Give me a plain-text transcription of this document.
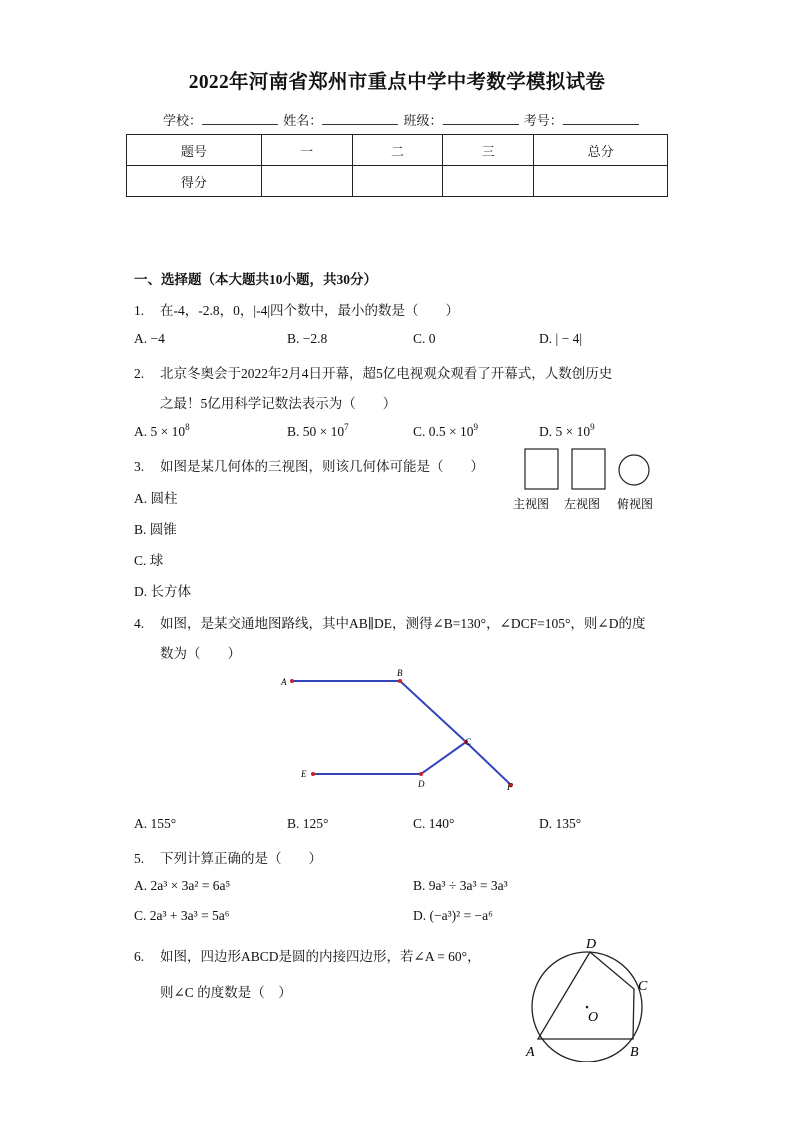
2022年河南省郑州市重点中学中考数学模拟试卷
学校：	姓名：	班级：	考号：
题号	一	二	三	总分
得分				
一、选择题（本大题共10小题，共30分）
1. 在-4，-2.8，0，|-4|四个数中，最小的数是（　　）
A. −4	B. −2.8	C. 0	D. | − 4|
2. 北京冬奥会于2022年2月4日开幕，超5亿电视观众观看了开幕式，人数创历史
之最！5亿用科学记数法表示为（　　）
A. $5 \times 10^8$	B. $50 \times 10^7$	C. $0.5 \times 10^9$	D. $5 \times 10^9$
3. 如图是某几何体的三视图，则该几何体可能是（　　）
A. 圆柱
B. 圆锥
C. 球
D. 长方体
主视图 左视图 俯视图
4. 如图，是某交通地图路线，其中AB∥DE，测得∠B=130°，∠DCF=105°，则∠D的度
数为（　　）
A
B
C
D
E
F
A. 155°	B. 125°	C. 140°	D. 135°
5. 下列计算正确的是（　　）
A. 2a³ × 3a² = 6a⁵	B. 9a³ ÷ 3a³ = 3a³
C. 2a³ + 3a³ = 5a⁶	D. (−a³)² = −a⁶
6. 如图，四边形ABCD是圆的内接四边形，若∠A = 60°，
则∠C 的度数是（　）
D
C
O
A	B
